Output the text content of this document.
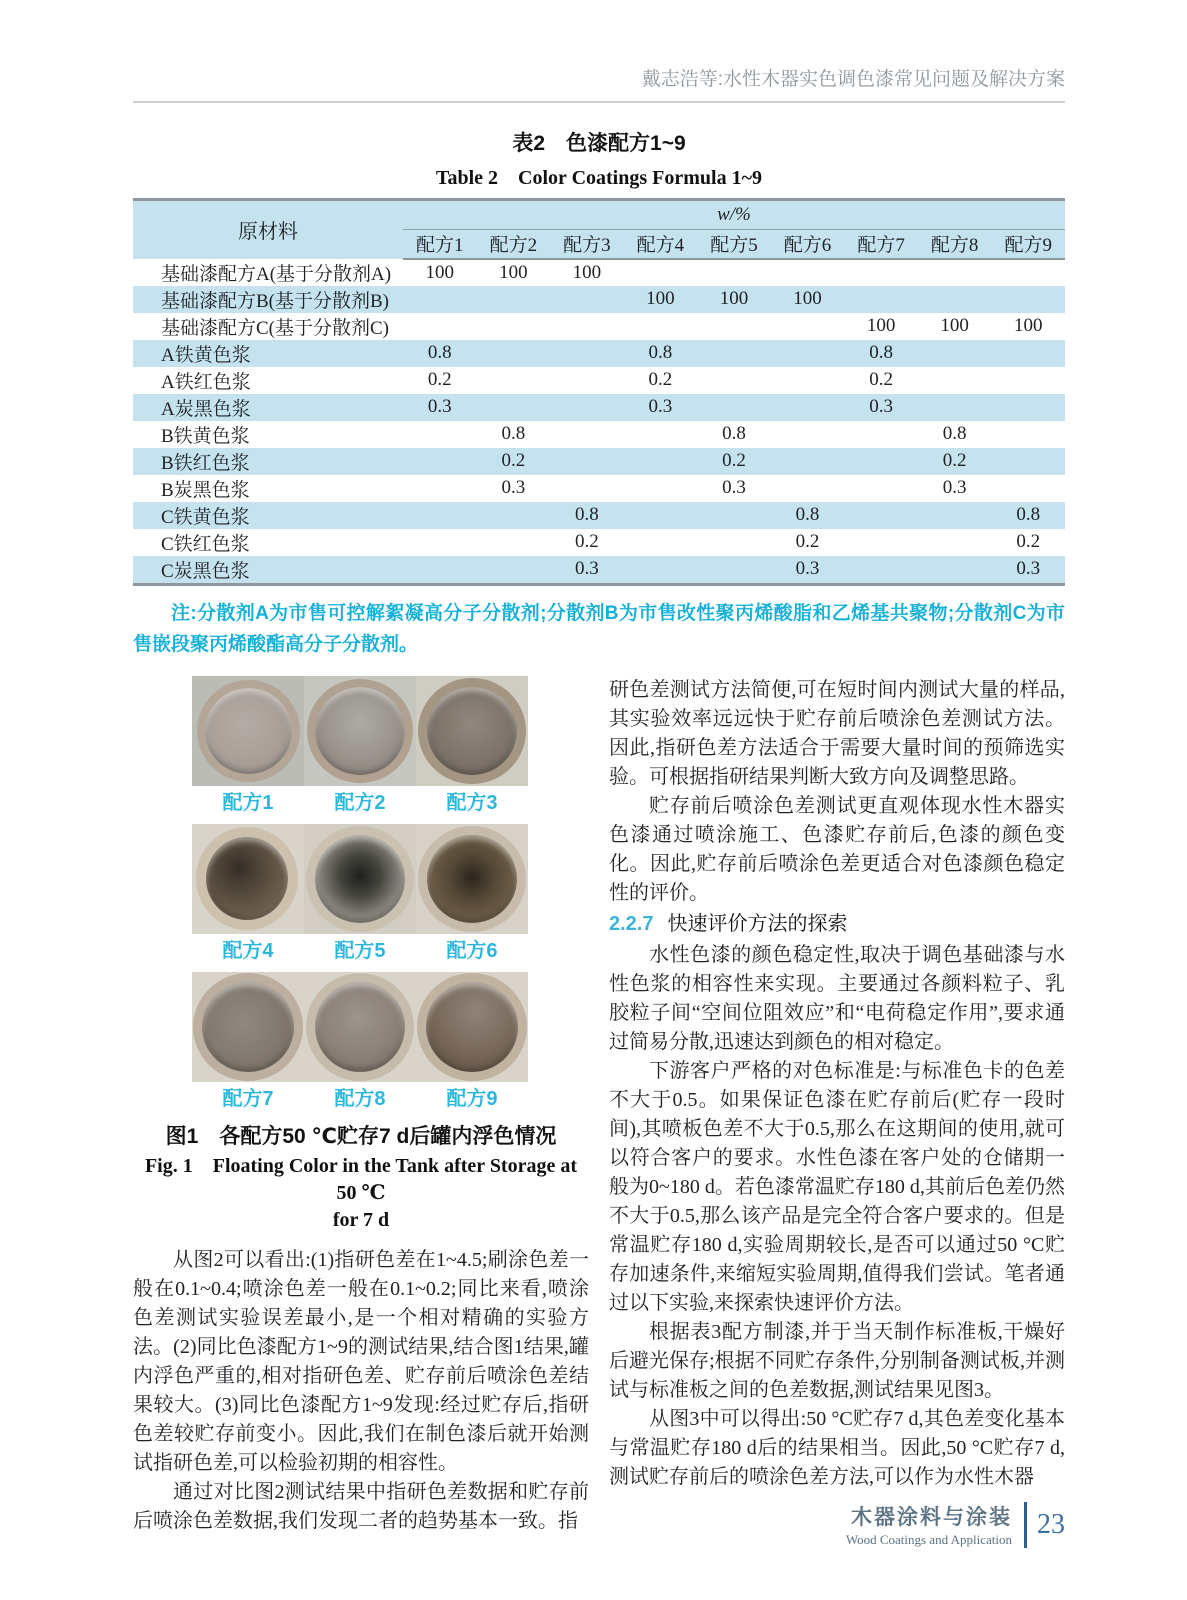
戴志浩等:水性木器实色调色漆常见问题及解决方案
表2　色漆配方1~9
Table 2　Color Coatings Formula 1~9
原材料	w/%								
	配方1	配方2	配方3	配方4	配方5	配方6	配方7	配方8	配方9
基础漆配方A(基于分散剂A)	100	100	100						
基础漆配方B(基于分散剂B)				100	100	100			
基础漆配方C(基于分散剂C)							100	100	100
A铁黄色浆	0.8			0.8			0.8		
A铁红色浆	0.2			0.2			0.2		
A炭黑色浆	0.3			0.3			0.3		
B铁黄色浆		0.8			0.8			0.8	
B铁红色浆		0.2			0.2			0.2	
B炭黑色浆		0.3			0.3			0.3	
C铁黄色浆			0.8			0.8			0.8
C铁红色浆			0.2			0.2			0.2
C炭黑色浆			0.3			0.3			0.3
注:分散剂A为市售可控解絮凝高分子分散剂;分散剂B为市售改性聚丙烯酸脂和乙烯基共聚物;分散剂C为市售嵌段聚丙烯酸酯高分子分散剂。
配方1	配方2	配方3
配方4	配方5	配方6
配方7	配方8	配方9
图1　各配方50 ℃贮存7 d后罐内浮色情况
Fig. 1　Floating Color in the Tank after Storage at 50 ℃
for 7 d

从图2可以看出:(1)指研色差在1~4.5;刷涂色差一般在0.1~0.4;喷涂色差一般在0.1~0.2;同比来看,喷涂色差测试实验误差最小,是一个相对精确的实验方法。(2)同比色漆配方1~9的测试结果,结合图1结果,罐内浮色严重的,相对指研色差、贮存前后喷涂色差结果较大。(3)同比色漆配方1~9发现:经过贮存后,指研色差较贮存前变小。因此,我们在制色漆后就开始测试指研色差,可以检验初期的相容性。

通过对比图2测试结果中指研色差数据和贮存前后喷涂色差数据,我们发现二者的趋势基本一致。指

研色差测试方法简便,可在短时间内测试大量的样品,其实验效率远远快于贮存前后喷涂色差测试方法。因此,指研色差方法适合于需要大量时间的预筛选实验。可根据指研结果判断大致方向及调整思路。

贮存前后喷涂色差测试更直观体现水性木器实色漆通过喷涂施工、色漆贮存前后,色漆的颜色变化。因此,贮存前后喷涂色差更适合对色漆颜色稳定性的评价。

2.2.7 快速评价方法的探索

水性色漆的颜色稳定性,取决于调色基础漆与水性色浆的相容性来实现。主要通过各颜料粒子、乳胶粒子间“空间位阻效应”和“电荷稳定作用”,要求通过简易分散,迅速达到颜色的相对稳定。

下游客户严格的对色标准是:与标准色卡的色差不大于0.5。如果保证色漆在贮存前后(贮存一段时间),其喷板色差不大于0.5,那么在这期间的使用,就可以符合客户的要求。水性色漆在客户处的仓储期一般为0~180 d。若色漆常温贮存180 d,其前后色差仍然不大于0.5,那么该产品是完全符合客户要求的。但是常温贮存180 d,实验周期较长,是否可以通过50 °C贮存加速条件,来缩短实验周期,值得我们尝试。笔者通过以下实验,来探索快速评价方法。

根据表3配方制漆,并于当天制作标准板,干燥好后避光保存;根据不同贮存条件,分别制备测试板,并测试与标准板之间的色差数据,测试结果见图3。

从图3中可以得出:50 °C贮存7 d,其色差变化基本与常温贮存180 d后的结果相当。因此,50 °C贮存7 d,测试贮存前后的喷涂色差方法,可以作为水性木器

木器涂料与涂装
Wood Coatings and Application 23
